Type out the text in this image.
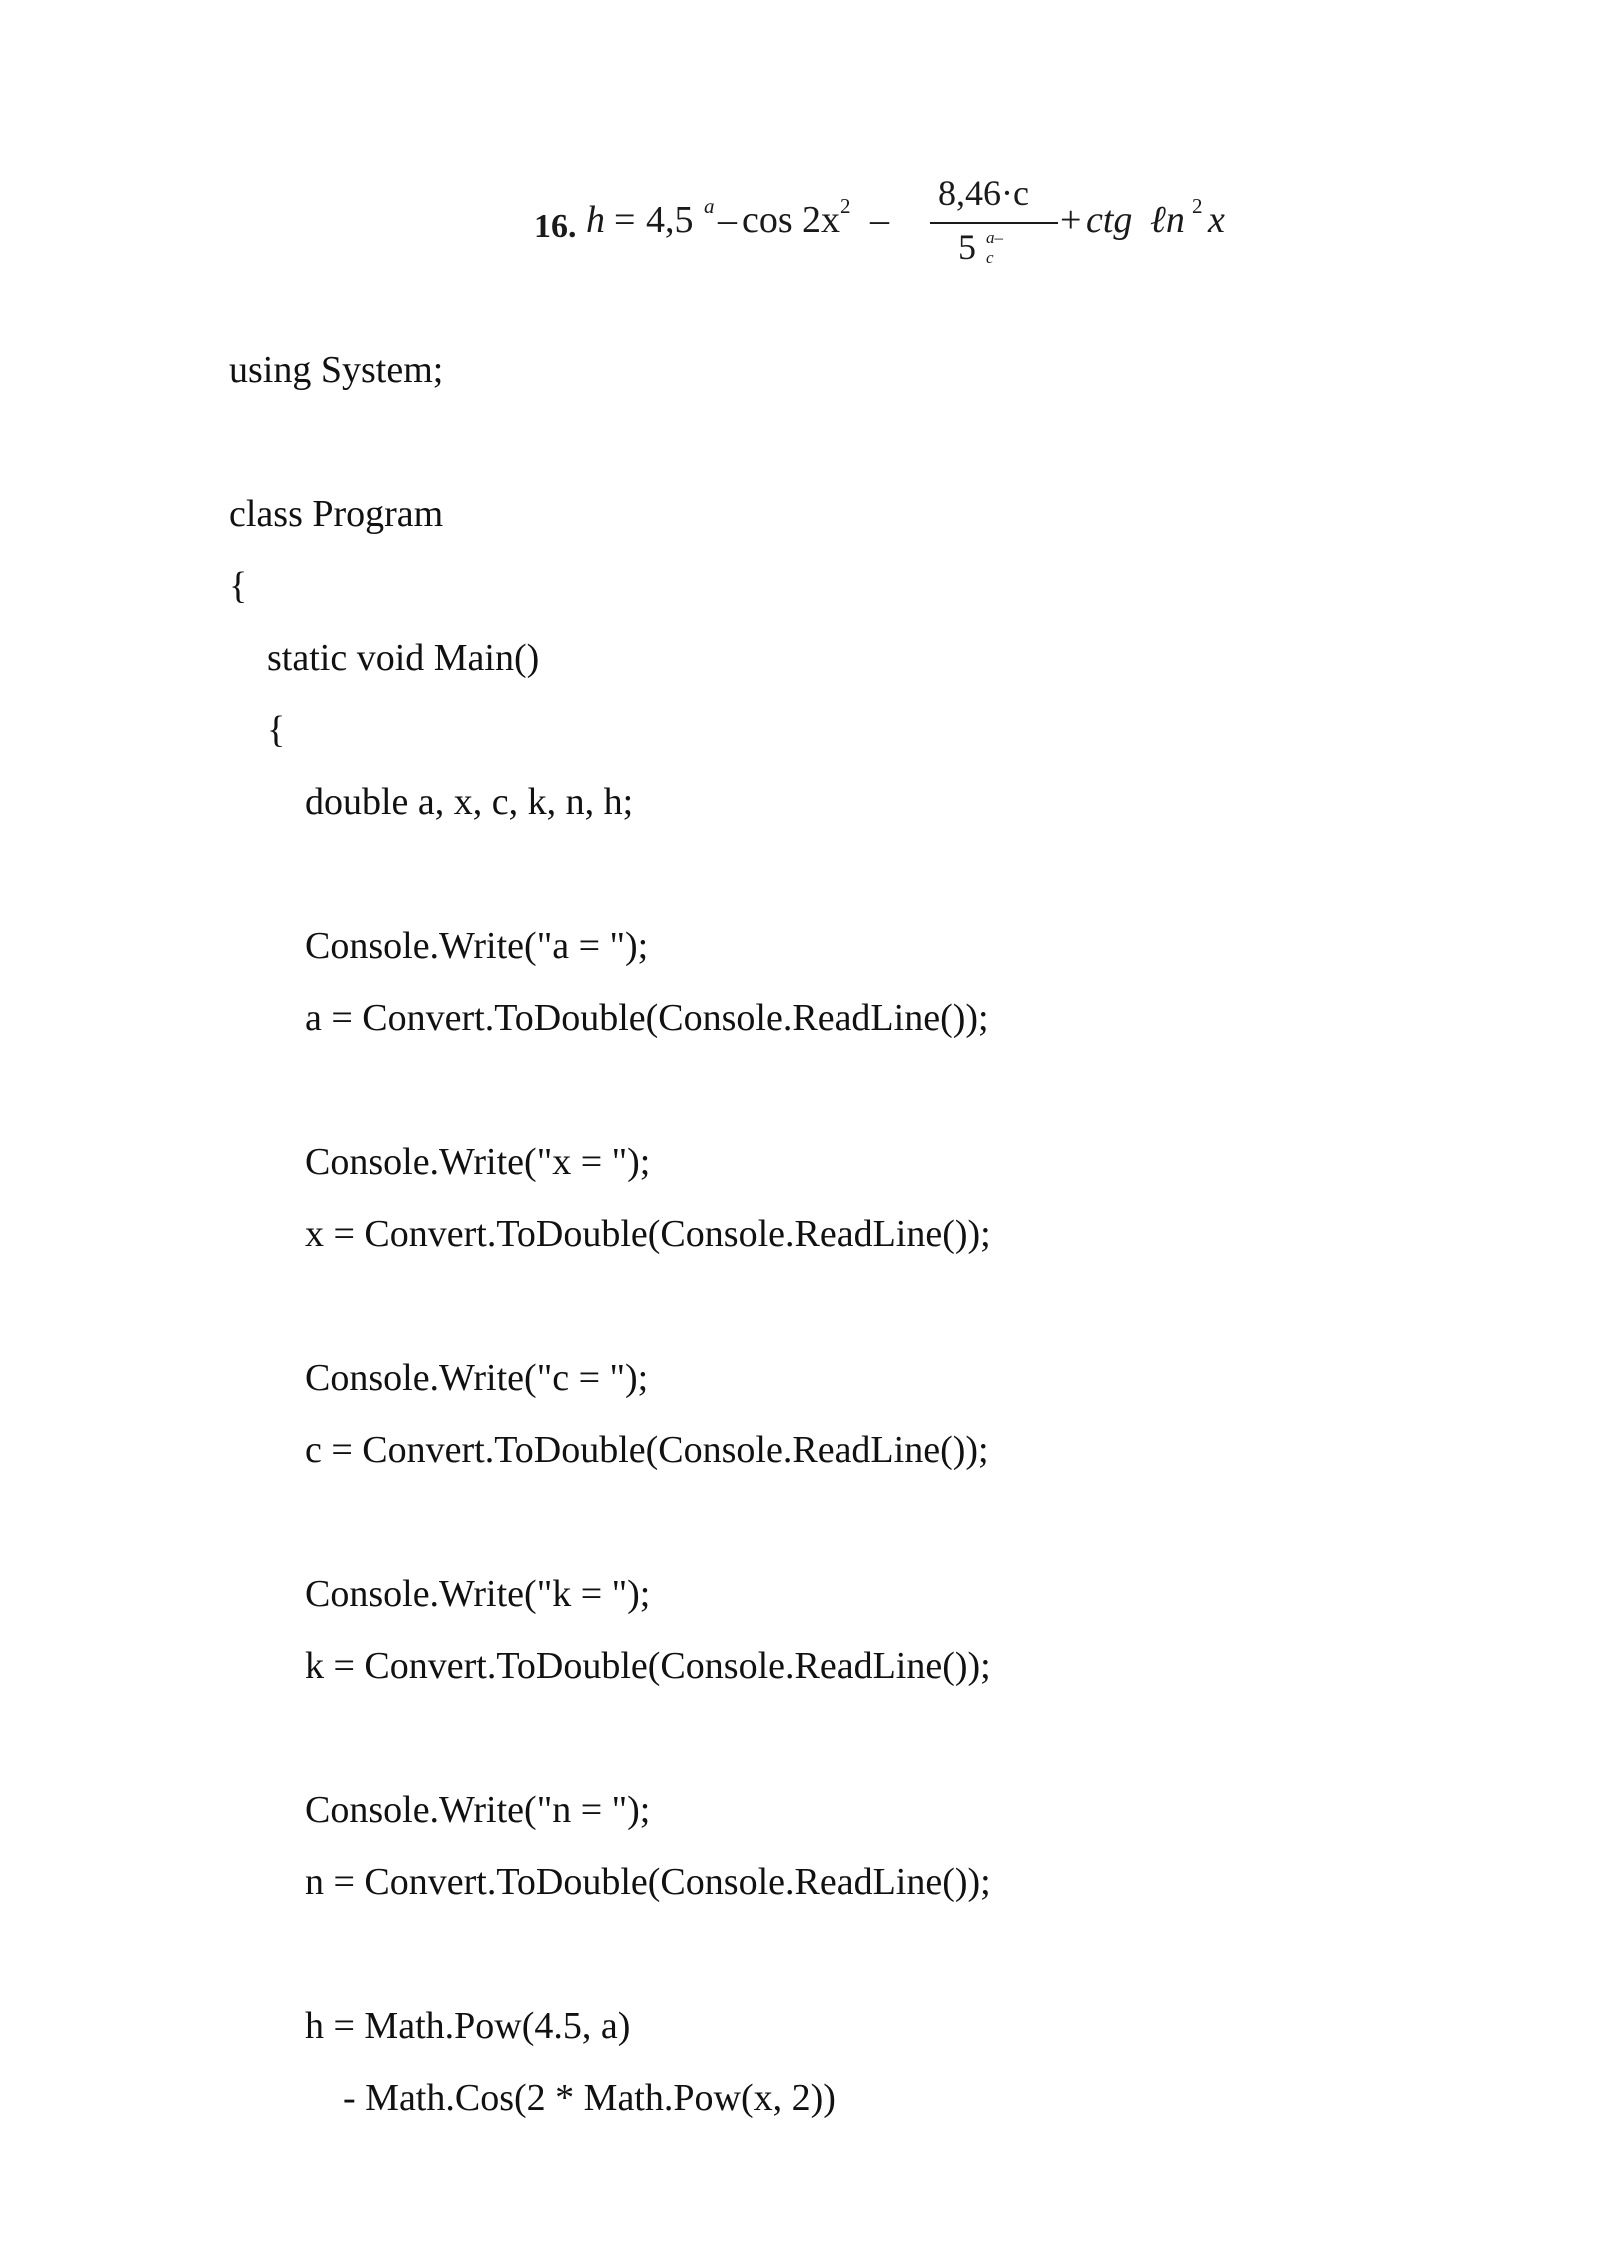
16. h = 4,5 a – cos 2x 2 –
8,46·c
5 a–c
+ ctg ℓn 2 x
using System;
class Program
{
static void Main()
{
double a, x, c, k, n, h;
Console.Write("a = ");
a = Convert.ToDouble(Console.ReadLine());
Console.Write("x = ");
x = Convert.ToDouble(Console.ReadLine());
Console.Write("c = ");
c = Convert.ToDouble(Console.ReadLine());
Console.Write("k = ");
k = Convert.ToDouble(Console.ReadLine());
Console.Write("n = ");
n = Convert.ToDouble(Console.ReadLine());
h = Math.Pow(4.5, a)
- Math.Cos(2 * Math.Pow(x, 2))
